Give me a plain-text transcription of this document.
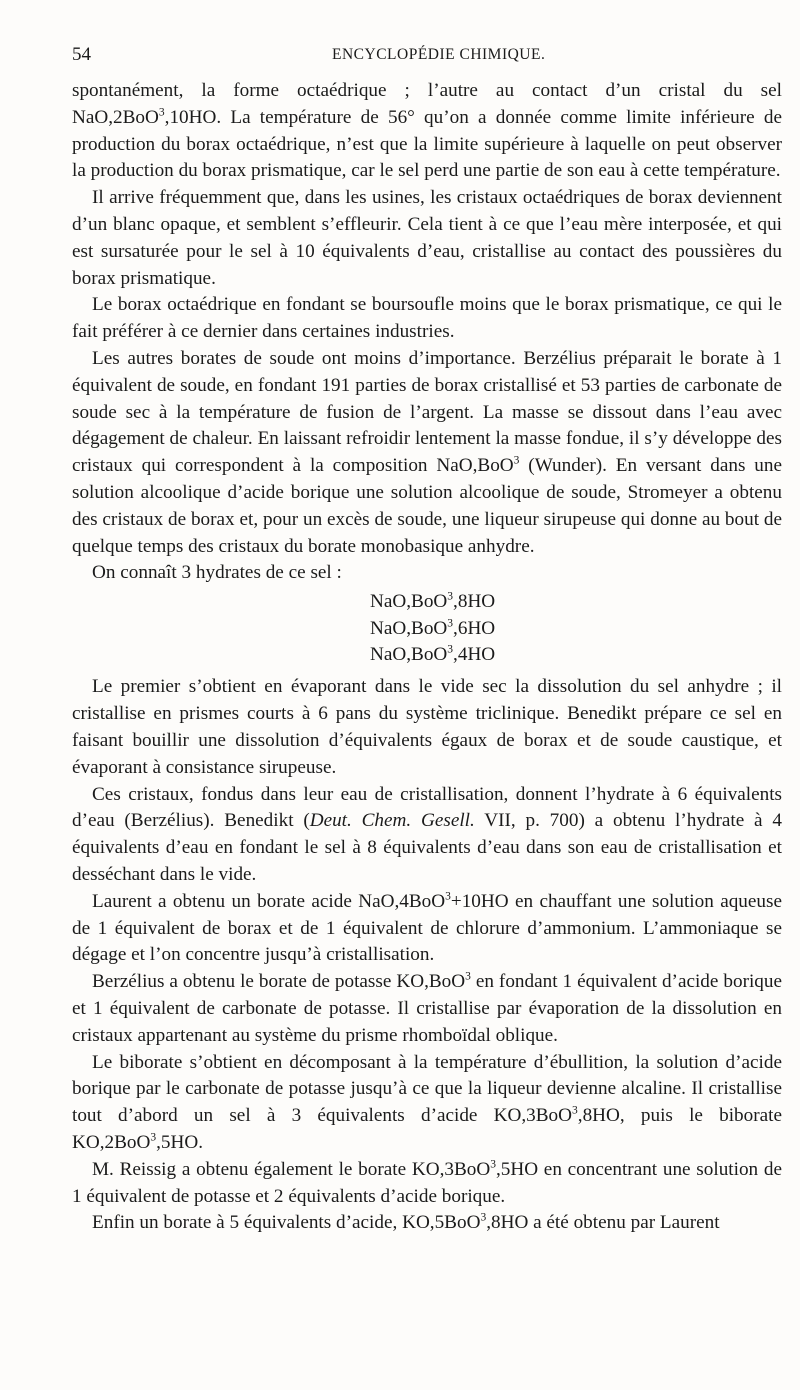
54	ENCYCLOPÉDIE CHIMIQUE.

spontanément, la forme octaédrique ; l’autre au contact d’un cristal du sel NaO,2BoO$^3$,10HO. La température de 56° qu’on a donnée comme limite inférieure de production du borax octaédrique, n’est que la limite supérieure à laquelle on peut observer la production du borax prismatique, car le sel perd une partie de son eau à cette température.

Il arrive fréquemment que, dans les usines, les cristaux octaédriques de borax deviennent d’un blanc opaque, et semblent s’effleurir. Cela tient à ce que l’eau mère interposée, et qui est sursaturée pour le sel à 10 équivalents d’eau, cristallise au contact des poussières du borax prismatique.

Le borax octaédrique en fondant se boursoufle moins que le borax prismatique, ce qui le fait préférer à ce dernier dans certaines industries.

Les autres borates de soude ont moins d’importance. Berzélius préparait le borate à 1 équivalent de soude, en fondant 191 parties de borax cristallisé et 53 parties de carbonate de soude sec à la température de fusion de l’argent. La masse se dissout dans l’eau avec dégagement de chaleur. En laissant refroidir lentement la masse fondue, il s’y développe des cristaux qui correspondent à la composition NaO,BoO$^3$ (Wunder). En versant dans une solution alcoolique d’acide borique une solution alcoolique de soude, Stromeyer a obtenu des cristaux de borax et, pour un excès de soude, une liqueur sirupeuse qui donne au bout de quelque temps des cristaux du borate monobasique anhydre.

On connaît 3 hydrates de ce sel :

NaO,BoO$^3$,8HO
NaO,BoO$^3$,6HO
NaO,BoO$^3$,4HO

Le premier s’obtient en évaporant dans le vide sec la dissolution du sel anhydre ; il cristallise en prismes courts à 6 pans du système triclinique. Benedikt prépare ce sel en faisant bouillir une dissolution d’équivalents égaux de borax et de soude caustique, et évaporant à consistance sirupeuse.

Ces cristaux, fondus dans leur eau de cristallisation, donnent l’hydrate à 6 équivalents d’eau (Berzélius). Benedikt (Deut. Chem. Gesell. VII, p. 700) a obtenu l’hydrate à 4 équivalents d’eau en fondant le sel à 8 équivalents d’eau dans son eau de cristallisation et desséchant dans le vide.

Laurent a obtenu un borate acide NaO,4BoO$^3$+10HO en chauffant une solution aqueuse de 1 équivalent de borax et de 1 équivalent de chlorure d’ammonium. L’ammoniaque se dégage et l’on concentre jusqu’à cristallisation.

Berzélius a obtenu le borate de potasse KO,BoO$^3$ en fondant 1 équivalent d’acide borique et 1 équivalent de carbonate de potasse. Il cristallise par évaporation de la dissolution en cristaux appartenant au système du prisme rhomboïdal oblique.

Le biborate s’obtient en décomposant à la température d’ébullition, la solution d’acide borique par le carbonate de potasse jusqu’à ce que la liqueur devienne alcaline. Il cristallise tout d’abord un sel à 3 équivalents d’acide KO,3BoO$^3$,8HO, puis le biborate KO,2BoO$^3$,5HO.

M. Reissig a obtenu également le borate KO,3BoO$^3$,5HO en concentrant une solution de 1 équivalent de potasse et 2 équivalents d’acide borique.

Enfin un borate à 5 équivalents d’acide, KO,5BoO$^3$,8HO a été obtenu par Laurent
